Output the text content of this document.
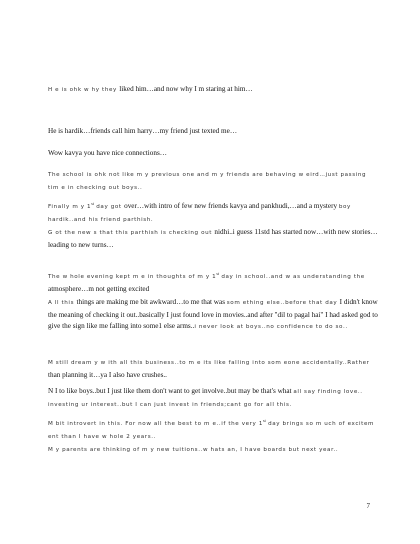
H e is ohk w hy they liked him…and now why I m staring at him…

He is hardik…friends call him harry…my friend just texted me…

Wow kavya you have nice connections…

The school is ohk not like m y previous one and m y friends are behaving w eird…just passing tim e in checking out boys..

Finally m y 1st day got over…with intro of few new friends kavya and pankhudi,…and a mystery boy hardik..and his friend parthish.

G ot the new s that this parthish is checking out nidhi..i guess 11std has started now…with new stories…leading to new turns…

The w hole evening kept m e in thoughts of m y 1st day in school..and w as understanding the atmosphere…m not getting excited

A ll this things are making me bit awkward…to me that was som ething else..before that day I didn't know the meaning of checking it out..basically I just found love in movies..and after "dil to pagal hai" I had asked god to give the sign like me falling into some1 else arms..i never look at boys..no confidence to do so..

M still dream y w ith all this business..to m e its like falling into som eone accidentally..Rather than planning it…ya I also have crushes..

N I to like boys..but I just like them don't want to get involve..but may be that's what all say finding love.. investing ur interest..but I can just invest in friends;cant go for all this.

M bit introvert in this. For now all the best to m e..if the very 1st day brings so m uch of excitem ent than I have w hole 2 years..

M y parents are thinking of m y new tuitions..w hats an, I have boards but next year..

7
